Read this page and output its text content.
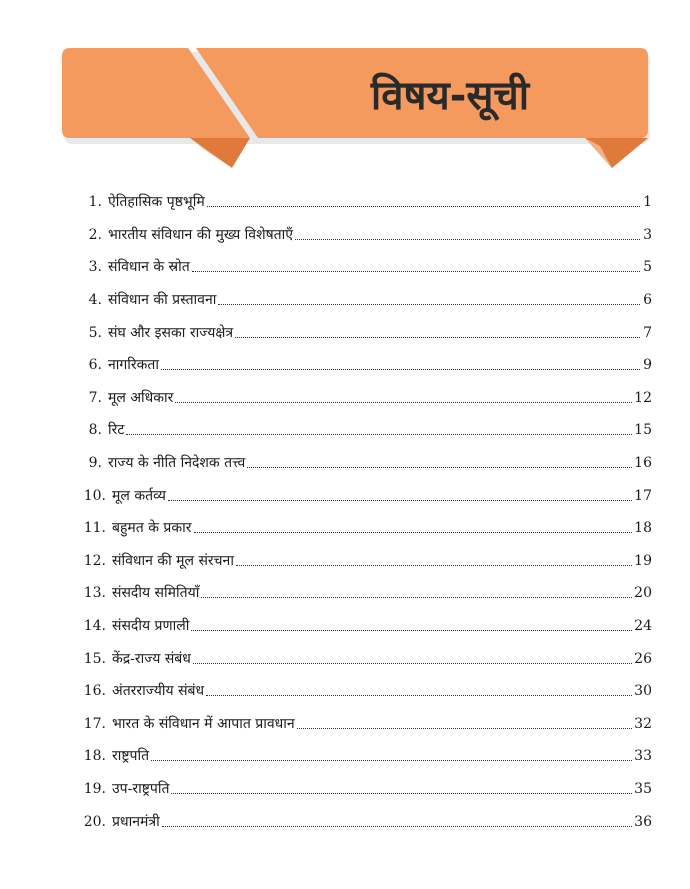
विषय-सूची
1. ऐतिहासिक पृष्ठभूमि	1
2. भारतीय संविधान की मुख्य विशेषताएँ	3
3. संविधान के स्रोत	5
4. संविधान की प्रस्तावना	6
5. संघ और इसका राज्यक्षेत्र	7
6. नागरिकता	9
7. मूल अधिकार	12
8. रिट	15
9. राज्य के नीति निदेशक तत्त्व	16
10. मूल कर्तव्य	17
11. बहुमत के प्रकार	18
12. संविधान की मूल संरचना	19
13. संसदीय समितियाँ	20
14. संसदीय प्रणाली	24
15. केंद्र-राज्य संबंध	26
16. अंतरराज्यीय संबंध	30
17. भारत के संविधान में आपात प्रावधान	32
18. राष्ट्रपति	33
19. उप-राष्ट्रपति	35
20. प्रधानमंत्री	36
